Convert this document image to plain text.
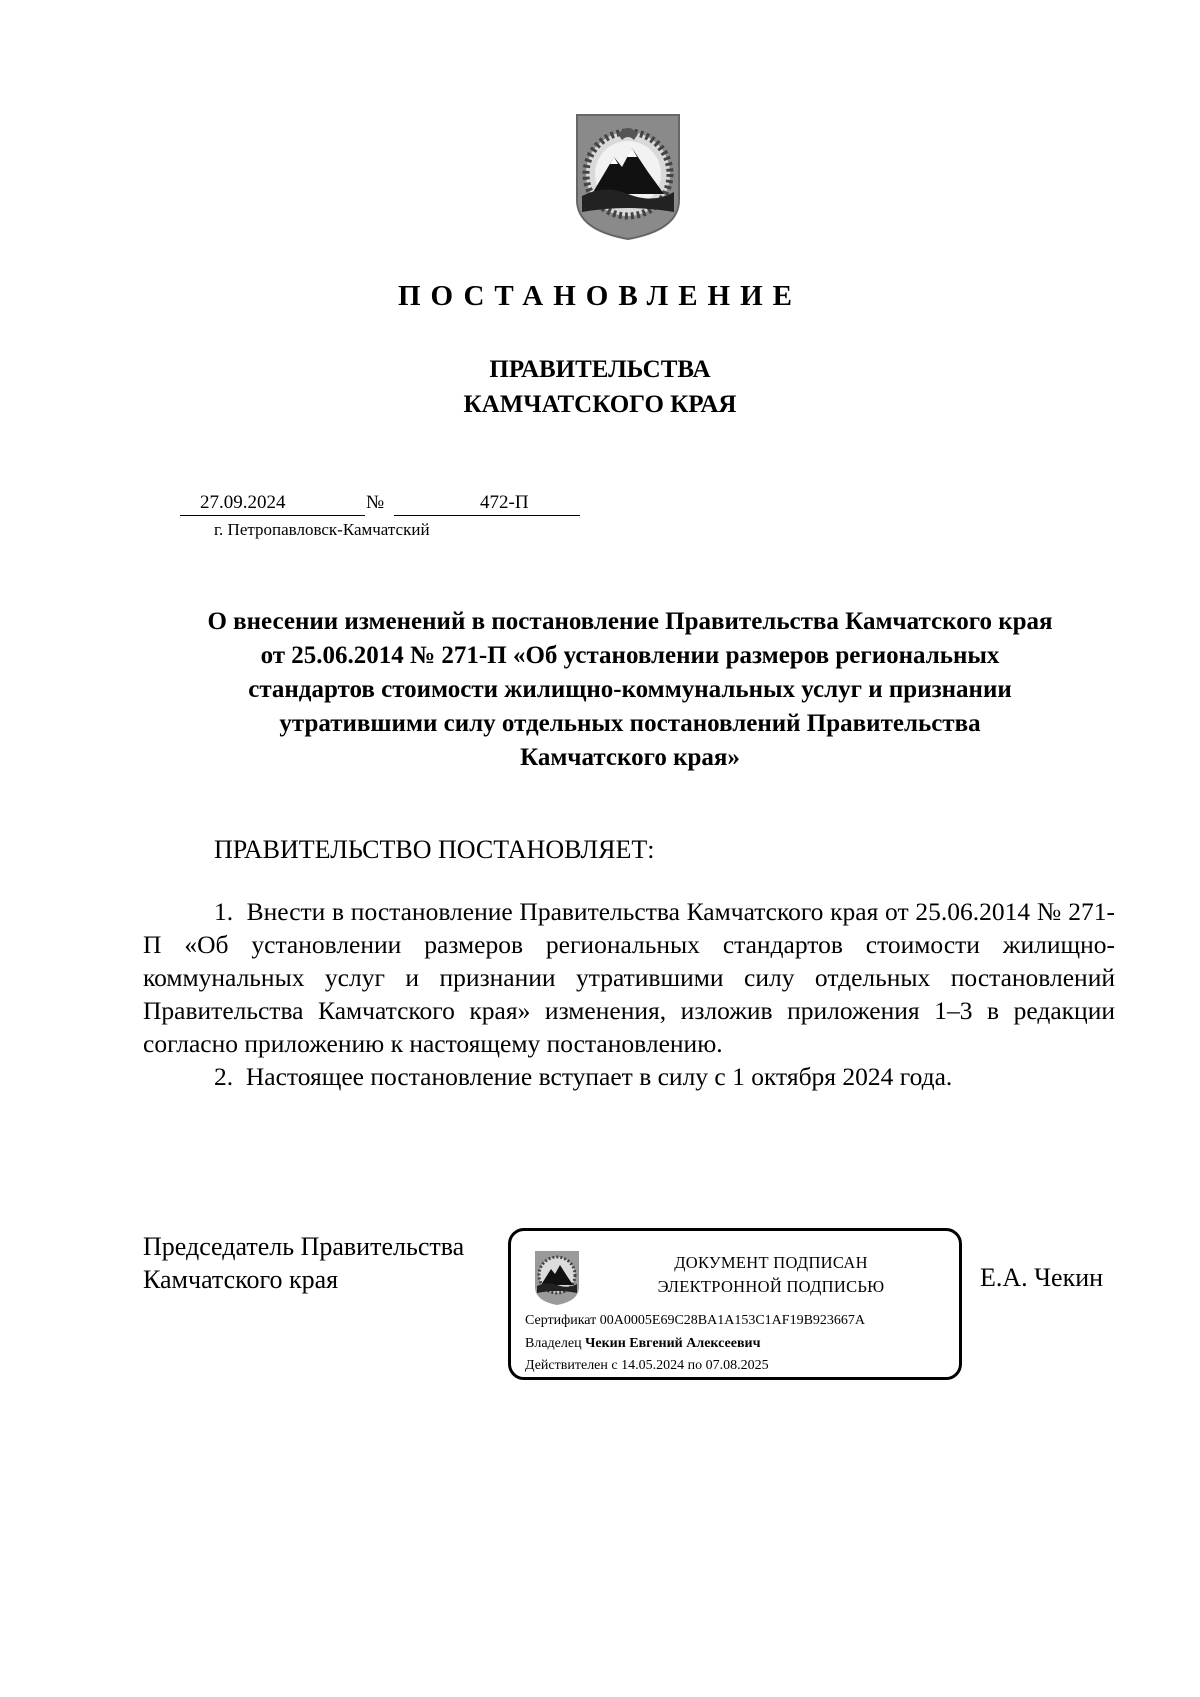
ПОСТАНОВЛЕНИЕ
ПРАВИТЕЛЬСТВА
КАМЧАТСКОГО КРАЯ
27.09.2024	№	472-П
г. Петропавловск-Камчатский
О внесении изменений в постановление Правительства Камчатского края
от 25.06.2014 № 271-П «Об установлении размеров региональных
стандартов стоимости жилищно-коммунальных услуг и признании
утратившими силу отдельных постановлений Правительства
Камчатского края»
ПРАВИТЕЛЬСТВО ПОСТАНОВЛЯЕТ:

1.  Внести в постановление Правительства Камчатского края от 25.06.2014 № 271-П «Об установлении размеров региональных стандартов стоимости жилищно-коммунальных услуг и признании утратившими силу отдельных постановлений Правительства Камчатского края» изменения, изложив приложения 1–3 в редакции согласно приложению к настоящему постановлению.

2.  Настоящее постановление вступает в силу с 1 октября 2024 года.

Председатель Правительства
Камчатского края
ДОКУМЕНТ ПОДПИСАН
ЭЛЕКТРОННОЙ ПОДПИСЬЮ
Сертификат 00A0005E69C28BA1A153C1AF19B923667A
Владелец Чекин Евгений Алексеевич
Действителен с 14.05.2024 по 07.08.2025
Е.А. Чекин
